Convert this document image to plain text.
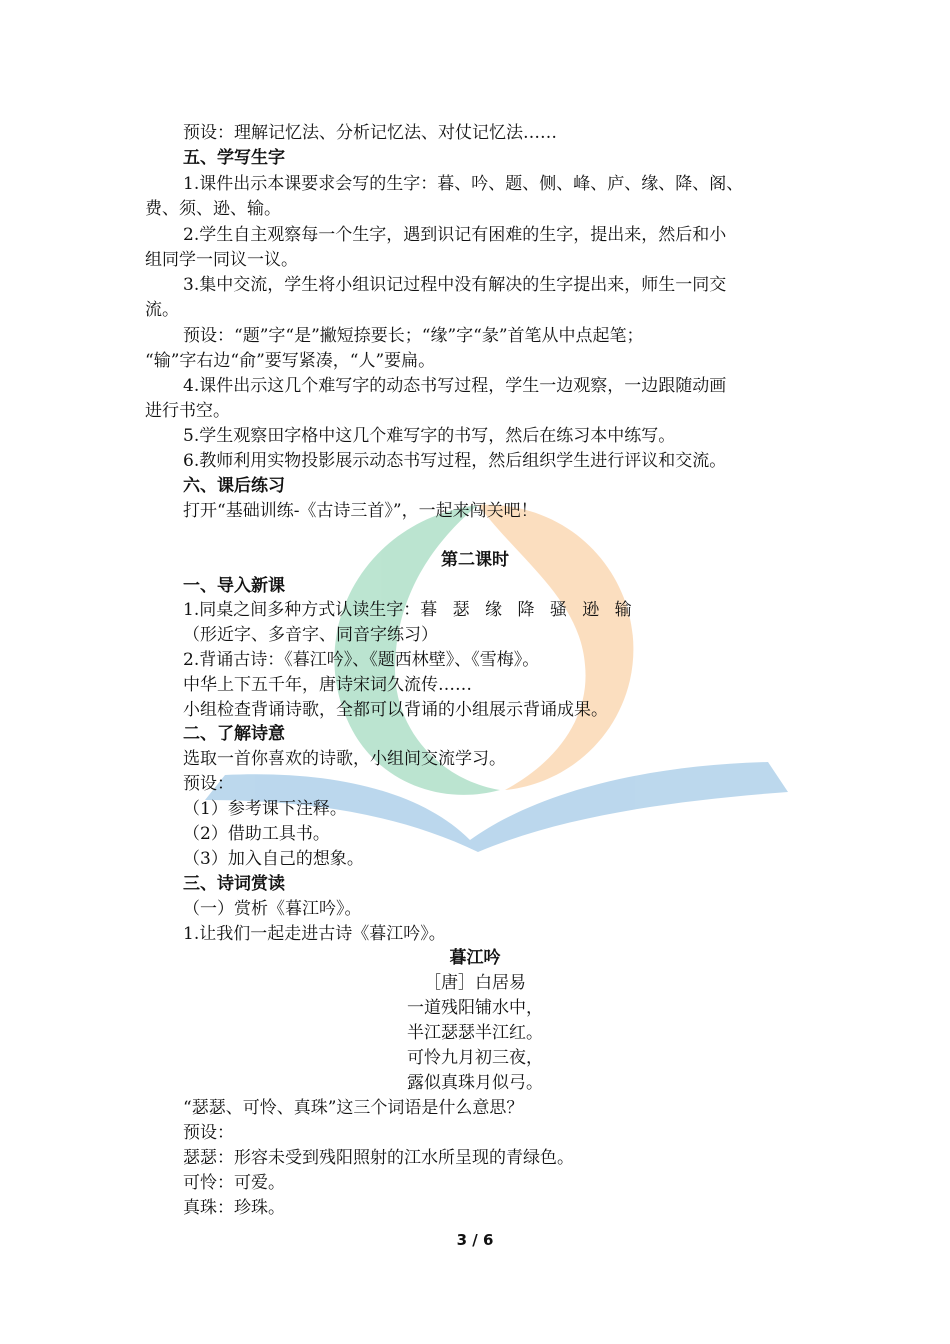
预设：理解记忆法、分析记忆法、对仗记忆法……
五、学写生字
1.课件出示本课要求会写的生字：暮、吟、题、侧、峰、庐、缘、降、阁、
费、须、逊、输。
2.学生自主观察每一个生字，遇到识记有困难的生字，提出来，然后和小
组同学一同议一议。
3.集中交流，学生将小组识记过程中没有解决的生字提出来，师生一同交
流。
预设：“题”字“是”撇短捺要长；“缘”字“彖”首笔从中点起笔；
“输”字右边“俞”要写紧凑，“人”要扁。
4.课件出示这几个难写字的动态书写过程，学生一边观察，一边跟随动画
进行书空。
5.学生观察田字格中这几个难写字的书写，然后在练习本中练写。
6.教师利用实物投影展示动态书写过程，然后组织学生进行评议和交流。
六、课后练习
打开“基础训练-《古诗三首》”，一起来闯关吧！
第二课时
一、导入新课
1.同桌之间多种方式认读生字：暮 瑟 缘 降 骚 逊 输
（形近字、多音字、同音字练习）
2.背诵古诗：《暮江吟》、《题西林壁》、《雪梅》。
中华上下五千年，唐诗宋词久流传……
小组检查背诵诗歌，全都可以背诵的小组展示背诵成果。
二、了解诗意
选取一首你喜欢的诗歌，小组间交流学习。
预设：
（1）参考课下注释。
（2）借助工具书。
（3）加入自己的想象。
三、诗词赏读
（一）赏析《暮江吟》。
1.让我们一起走进古诗《暮江吟》。
暮江吟
［唐］白居易
一道残阳铺水中，
半江瑟瑟半江红。
可怜九月初三夜，
露似真珠月似弓。
“瑟瑟、可怜、真珠”这三个词语是什么意思？
预设：
瑟瑟：形容未受到残阳照射的江水所呈现的青绿色。
可怜：可爱。
真珠：珍珠。
3 / 6
